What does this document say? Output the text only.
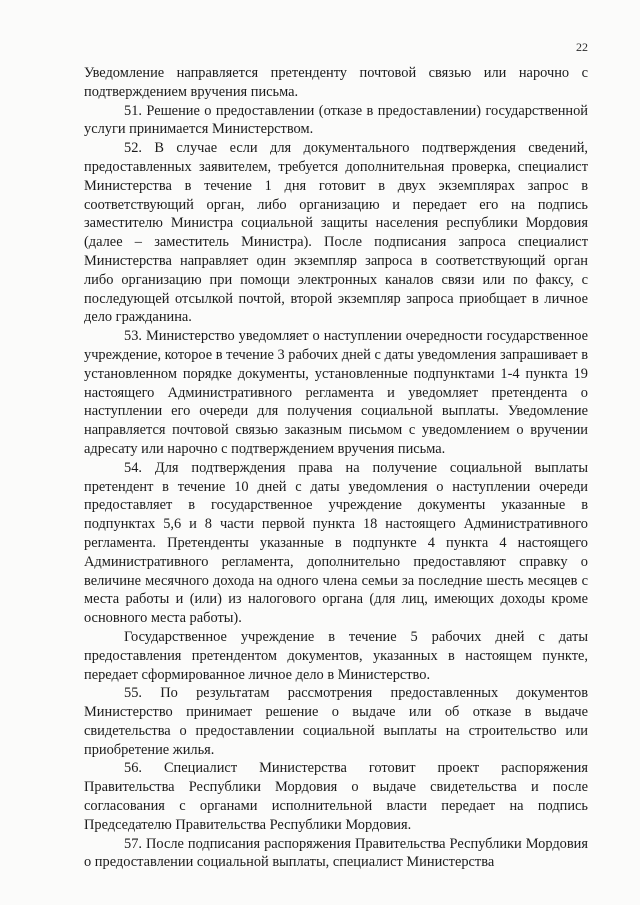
22

Уведомление направляется претенденту почтовой связью или нарочно с подтверждением вручения письма.

51. Решение о предоставлении (отказе в предоставлении) государственной услуги принимается Министерством.

52. В случае если для документального подтверждения сведений, предоставленных заявителем, требуется дополнительная проверка, специалист Министерства в течение 1 дня готовит в двух экземплярах запрос в соответствующий орган, либо организацию и передает его на подпись заместителю Министра социальной защиты населения республики Мордовия (далее – заместитель Министра). После подписания запроса специалист Министерства направляет один экземпляр запроса в соответствующий орган либо организацию при помощи электронных каналов связи или по факсу, с последующей отсылкой почтой, второй экземпляр запроса приобщает в личное дело гражданина.

53. Министерство уведомляет о наступлении очередности государственное учреждение, которое в течение 3 рабочих дней с даты уведомления запрашивает в установленном порядке документы, установленные подпунктами 1-4 пункта 19 настоящего Административного регламента и уведомляет претендента о наступлении его очереди для получения социальной выплаты. Уведомление направляется почтовой связью заказным письмом с уведомлением о вручении адресату или нарочно с подтверждением вручения письма.

54. Для подтверждения права на получение социальной выплаты претендент в течение 10 дней с даты уведомления о наступлении очереди предоставляет в государственное учреждение документы указанные в подпунктах 5,6 и 8 части первой пункта 18 настоящего Административного регламента. Претенденты указанные в подпункте 4 пункта 4 настоящего Административного регламента, дополнительно предоставляют справку о величине месячного дохода на одного члена семьи за последние шесть месяцев с места работы и (или) из налогового органа (для лиц, имеющих доходы кроме основного места работы).

Государственное учреждение в течение 5 рабочих дней с даты предоставления претендентом документов, указанных в настоящем пункте, передает сформированное личное дело в Министерство.

55. По результатам рассмотрения предоставленных документов Министерство принимает решение о выдаче или об отказе в выдаче свидетельства о предоставлении социальной выплаты на строительство или приобретение жилья.

56. Специалист Министерства готовит проект распоряжения Правительства Республики Мордовия о выдаче свидетельства и после согласования с органами исполнительной власти передает на подпись Председателю Правительства Республики Мордовия.

57. После подписания распоряжения Правительства Республики Мордовия о предоставлении социальной выплаты, специалист Министерства
